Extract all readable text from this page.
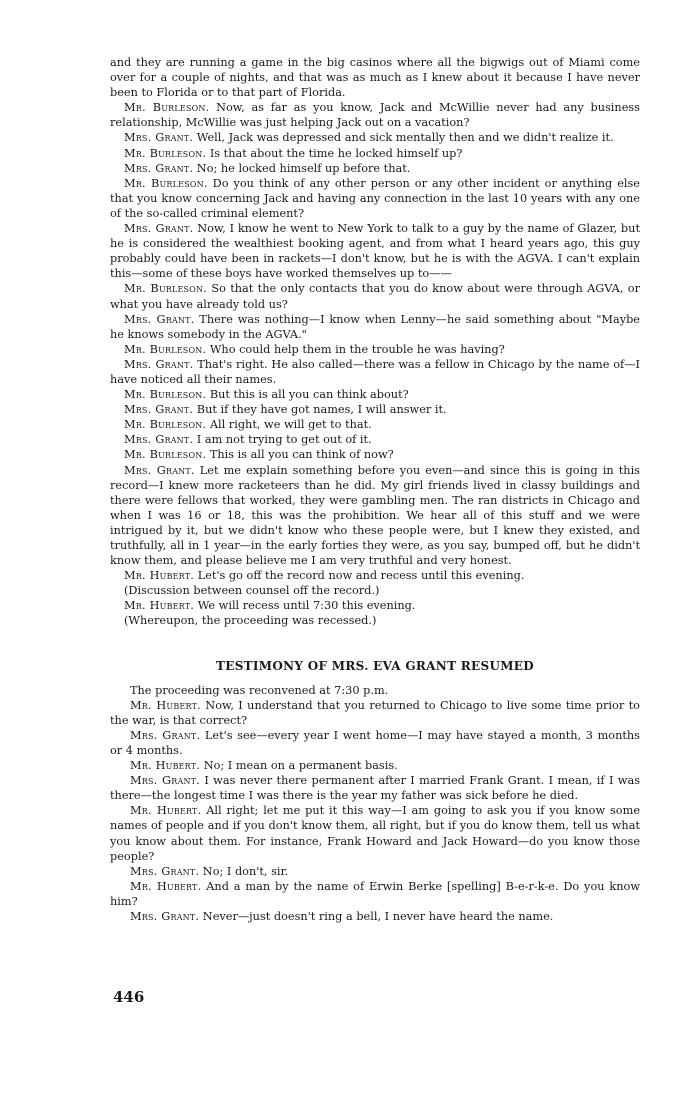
and they are running a game in the big casinos where all the bigwigs out of Miami come over for a couple of nights, and that was as much as I knew about it because I have never been to Florida or to that part of Florida.

Mr. Burleson. Now, as far as you know, Jack and McWillie never had any business relationship, McWillie was just helping Jack out on a vacation?

Mrs. Grant. Well, Jack was depressed and sick mentally then and we didn't realize it.

Mr. Burleson. Is that about the time he locked himself up?

Mrs. Grant. No; he locked himself up before that.

Mr. Burleson. Do you think of any other person or any other incident or anything else that you know concerning Jack and having any connection in the last 10 years with any one of the so-called criminal element?

Mrs. Grant. Now, I know he went to New York to talk to a guy by the name of Glazer, but he is considered the wealthiest booking agent, and from what I heard years ago, this guy probably could have been in rackets—I don't know, but he is with the AGVA. I can't explain this—some of these boys have worked themselves up to——

Mr. Burleson. So that the only contacts that you do know about were through AGVA, or what you have already told us?

Mrs. Grant. There was nothing—I know when Lenny—he said something about "Maybe he knows somebody in the AGVA."

Mr. Burleson. Who could help them in the trouble he was having?

Mrs. Grant. That's right. He also called—there was a fellow in Chicago by the name of—I have noticed all their names.

Mr. Burleson. But this is all you can think about?

Mrs. Grant. But if they have got names, I will answer it.

Mr. Burleson. All right, we will get to that.

Mrs. Grant. I am not trying to get out of it.

Mr. Burleson. This is all you can think of now?

Mrs. Grant. Let me explain something before you even—and since this is going in this record—I knew more racketeers than he did. My girl friends lived in classy buildings and there were fellows that worked, they were gambling men. The ran districts in Chicago and when I was 16 or 18, this was the prohibition. We hear all of this stuff and we were intrigued by it, but we didn't know who these people were, but I knew they existed, and truthfully, all in 1 year—in the early forties they were, as you say, bumped off, but he didn't know them, and please believe me I am very truthful and very honest.

Mr. Hubert. Let's go off the record now and recess until this evening.

(Discussion between counsel off the record.)

Mr. Hubert. We will recess until 7:30 this evening.

(Whereupon, the proceeding was recessed.)

TESTIMONY OF MRS. EVA GRANT RESUMED

The proceeding was reconvened at 7:30 p.m.

Mr. Hubert. Now, I understand that you returned to Chicago to live some time prior to the war, is that correct?

Mrs. Grant. Let's see—every year I went home—I may have stayed a month, 3 months or 4 months.

Mr. Hubert. No; I mean on a permanent basis.

Mrs. Grant. I was never there permanent after I married Frank Grant. I mean, if I was there—the longest time I was there is the year my father was sick before he died.

Mr. Hubert. All right; let me put it this way—I am going to ask you if you know some names of people and if you don't know them, all right, but if you do know them, tell us what you know about them. For instance, Frank Howard and Jack Howard—do you know those people?

Mrs. Grant. No; I don't, sir.

Mr. Hubert. And a man by the name of Erwin Berke [spelling] B-e-r-k-e. Do you know him?

Mrs. Grant. Never—just doesn't ring a bell, I never have heard the name.

446
